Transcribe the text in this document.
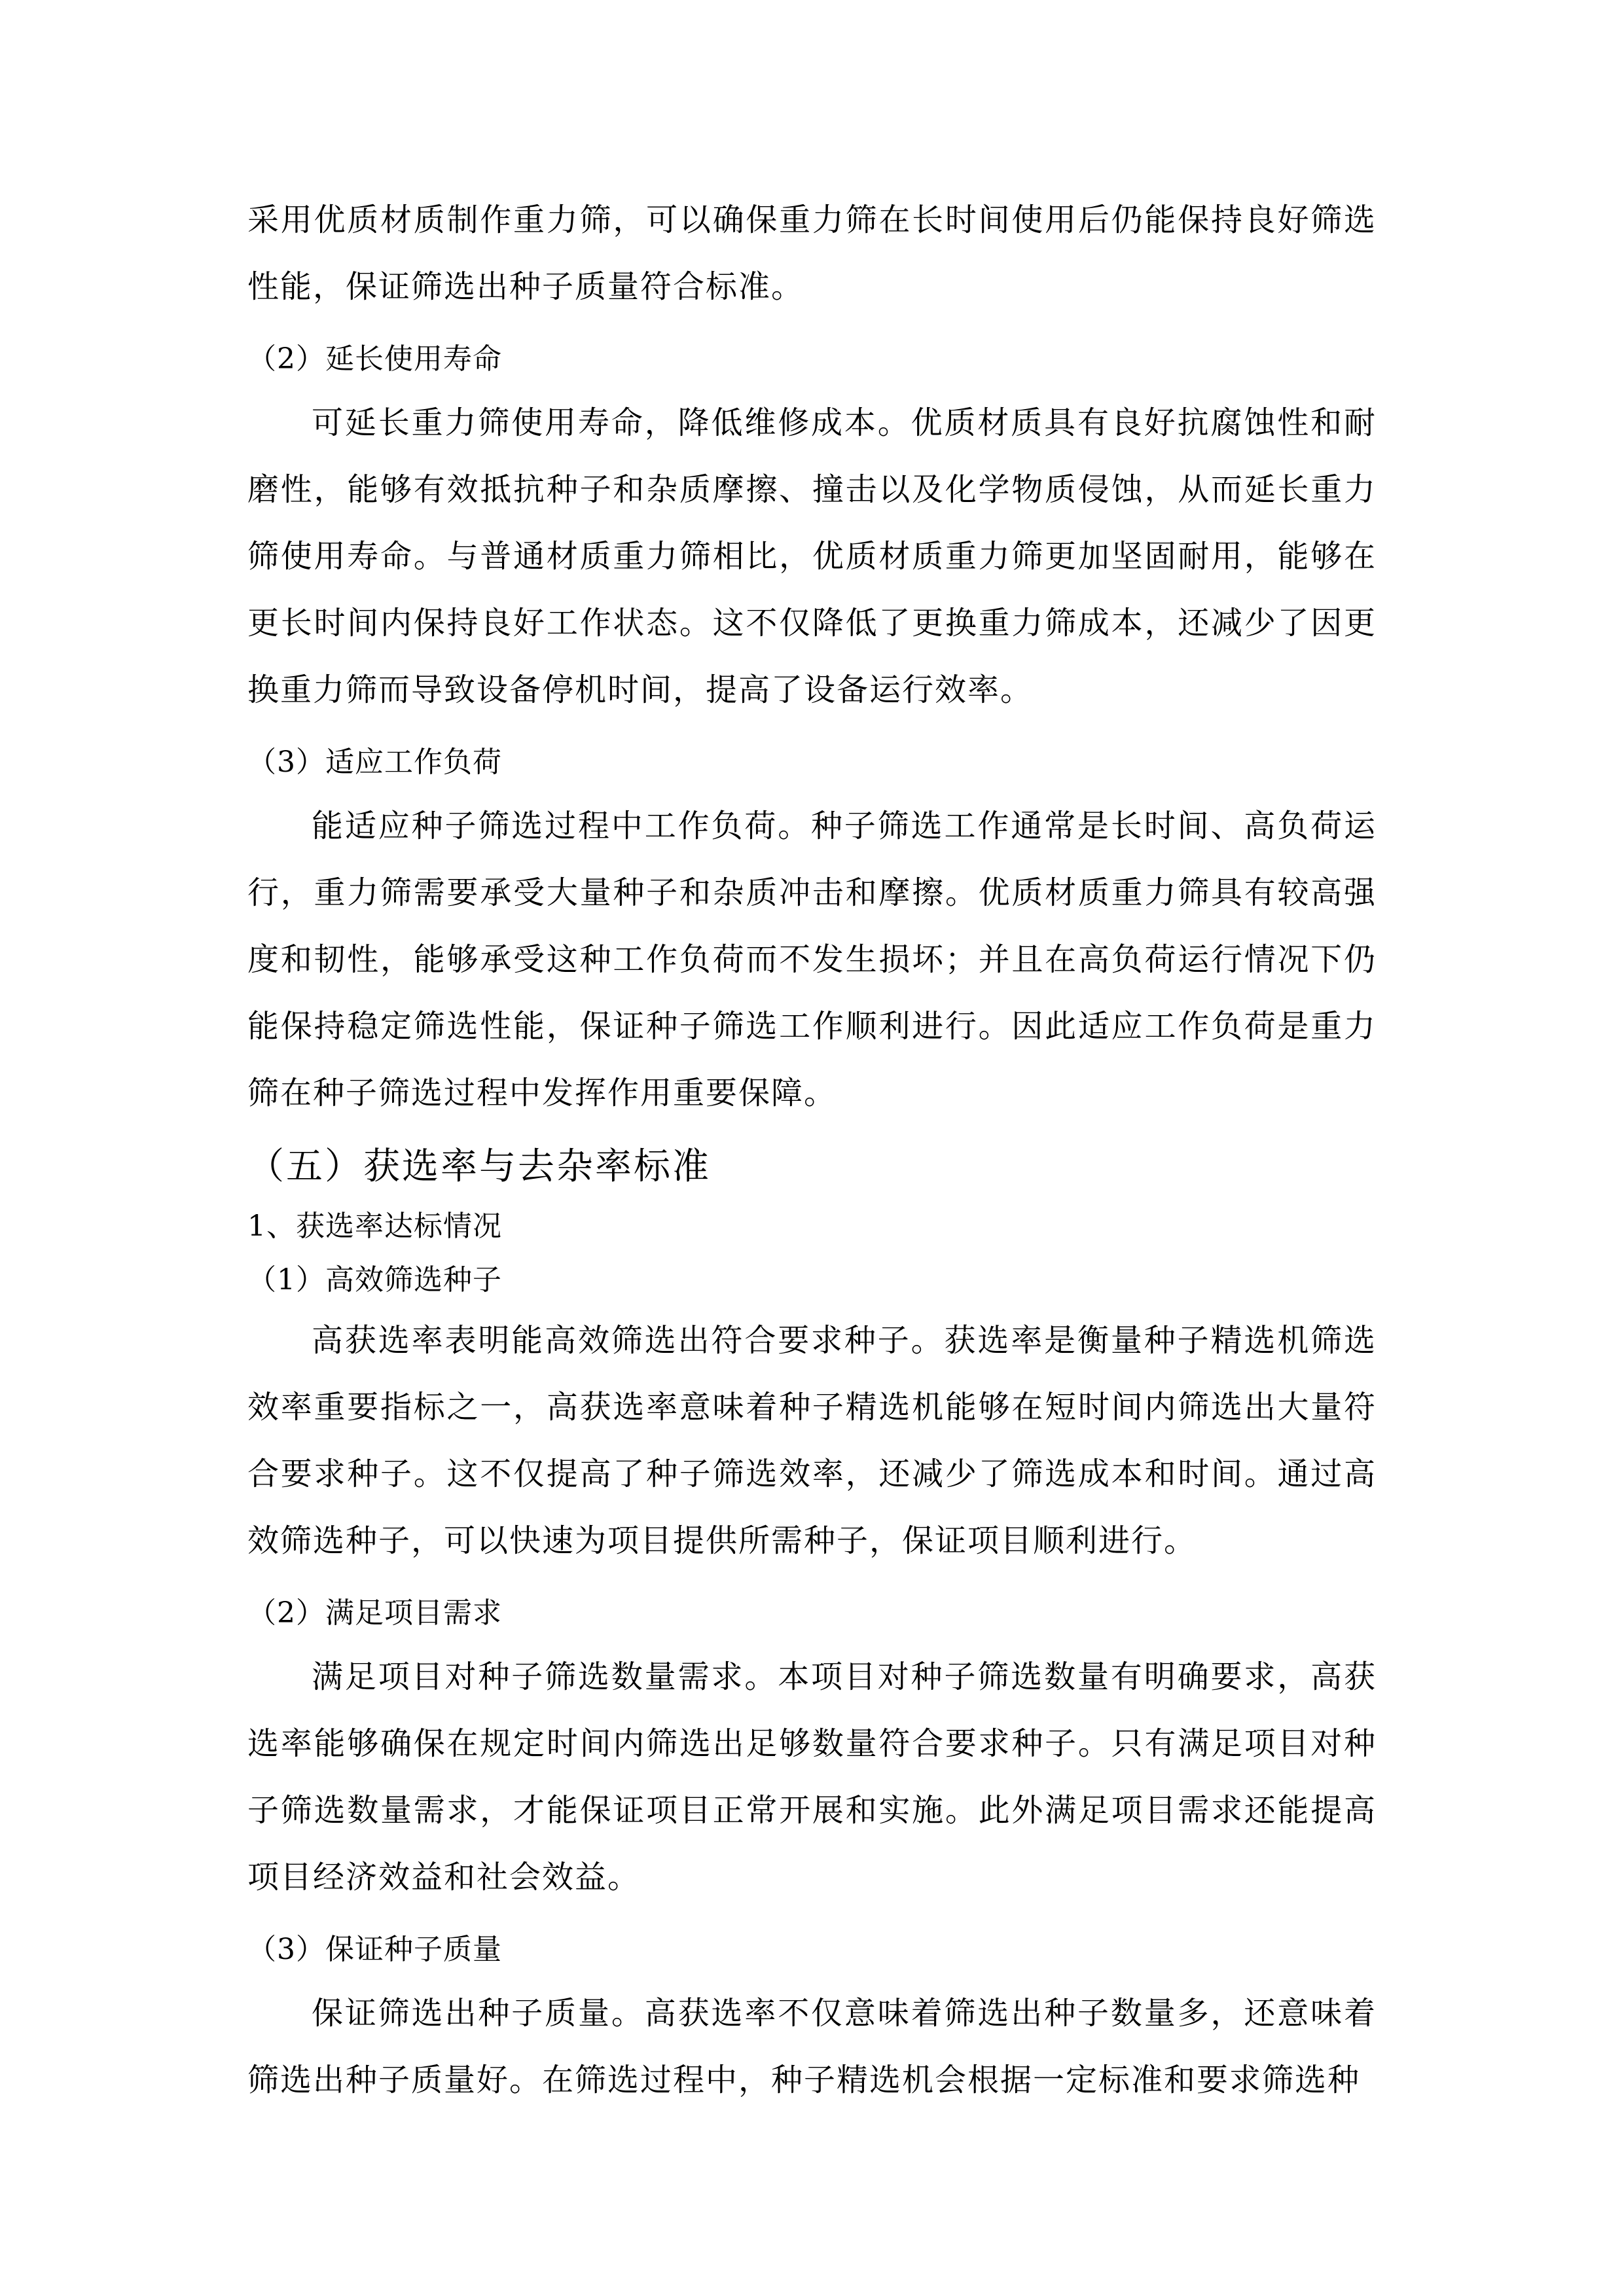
采用优质材质制作重力筛，可以确保重力筛在长时间使用后仍能保持良好筛选性能，保证筛选出种子质量符合标准。

（2）延长使用寿命

可延长重力筛使用寿命，降低维修成本。优质材质具有良好抗腐蚀性和耐磨性，能够有效抵抗种子和杂质摩擦、撞击以及化学物质侵蚀，从而延长重力筛使用寿命。与普通材质重力筛相比，优质材质重力筛更加坚固耐用，能够在更长时间内保持良好工作状态。这不仅降低了更换重力筛成本，还减少了因更换重力筛而导致设备停机时间，提高了设备运行效率。

（3）适应工作负荷

能适应种子筛选过程中工作负荷。种子筛选工作通常是长时间、高负荷运行，重力筛需要承受大量种子和杂质冲击和摩擦。优质材质重力筛具有较高强度和韧性，能够承受这种工作负荷而不发生损坏；并且在高负荷运行情况下仍能保持稳定筛选性能，保证种子筛选工作顺利进行。因此适应工作负荷是重力筛在种子筛选过程中发挥作用重要保障。

（五）获选率与去杂率标准

1、获选率达标情况

（1）高效筛选种子

高获选率表明能高效筛选出符合要求种子。获选率是衡量种子精选机筛选效率重要指标之一，高获选率意味着种子精选机能够在短时间内筛选出大量符合要求种子。这不仅提高了种子筛选效率，还减少了筛选成本和时间。通过高效筛选种子，可以快速为项目提供所需种子，保证项目顺利进行。

（2）满足项目需求

满足项目对种子筛选数量需求。本项目对种子筛选数量有明确要求，高获选率能够确保在规定时间内筛选出足够数量符合要求种子。只有满足项目对种子筛选数量需求，才能保证项目正常开展和实施。此外满足项目需求还能提高项目经济效益和社会效益。

（3）保证种子质量

保证筛选出种子质量。高获选率不仅意味着筛选出种子数量多，还意味着筛选出种子质量好。在筛选过程中，种子精选机会根据一定标准和要求筛选种
